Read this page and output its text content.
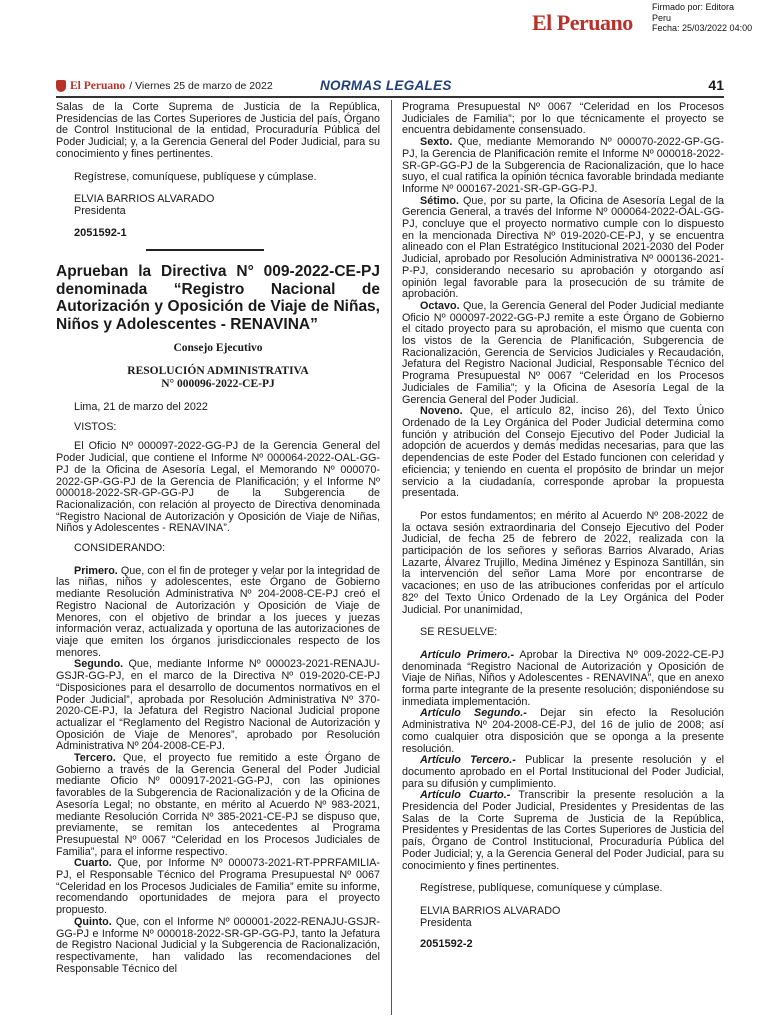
El Peruano
Firmado por: Editora
Peru
Fecha: 25/03/2022 04:00
El Peruano / Viernes 25 de marzo de 2022	NORMAS LEGALES	41

Salas de la Corte Suprema de Justicia de la República, Presidencias de las Cortes Superiores de Justicia del país, Órgano de Control Institucional de la entidad, Procuraduría Pública del Poder Judicial; y, a la Gerencia General del Poder Judicial, para su conocimiento y fines pertinentes.

Regístrese, comuníquese, publíquese y cúmplase.

ELVIA BARRIOS ALVARADO

Presidenta

2051592-1

Aprueban la Directiva N° 009-2022-CE-PJ denominada “Registro Nacional de Autorización y Oposición de Viaje de Niñas, Niños y Adolescentes - RENAVINA”

Consejo Ejecutivo

RESOLUCIÓN ADMINISTRATIVA
N° 000096-2022-CE-PJ

Lima, 21 de marzo del 2022

VISTOS:

El Oficio Nº 000097-2022-GG-PJ de la Gerencia General del Poder Judicial, que contiene el Informe Nº 000064-2022-OAL-GG-PJ de la Oficina de Asesoría Legal, el Memorando Nº 000070-2022-GP-GG-PJ de la Gerencia de Planificación; y el Informe Nº 000018-2022-SR-GP-GG-PJ de la Subgerencia de Racionalización, con relación al proyecto de Directiva denominada “Registro Nacional de Autorización y Oposición de Viaje de Niñas, Niños y Adolescentes - RENAVINA”.

CONSIDERANDO:

Primero. Que, con el fin de proteger y velar por la integridad de las niñas, niños y adolescentes, este Órgano de Gobierno mediante Resolución Administrativa Nº 204-2008-CE-PJ creó el Registro Nacional de Autorización y Oposición de Viaje de Menores, con el objetivo de brindar a los jueces y juezas información veraz, actualizada y oportuna de las autorizaciones de viaje que emiten los órganos jurisdiccionales respecto de los menores.

Segundo. Que, mediante Informe Nº 000023-2021-RENAJU-GSJR-GG-PJ, en el marco de la Directiva Nº 019-2020-CE-PJ “Disposiciones para el desarrollo de documentos normativos en el Poder Judicial”, aprobada por Resolución Administrativa Nº 370-2020-CE-PJ, la Jefatura del Registro Nacional Judicial propone actualizar el “Reglamento del Registro Nacional de Autorización y Oposición de Viaje de Menores”, aprobado por Resolución Administrativa Nº 204-2008-CE-PJ.

Tercero. Que, el proyecto fue remitido a este Órgano de Gobierno a través de la Gerencia General del Poder Judicial mediante Oficio Nº 000917-2021-GG-PJ, con las opiniones favorables de la Subgerencia de Racionalización y de la Oficina de Asesoría Legal; no obstante, en mérito al Acuerdo Nº 983-2021, mediante Resolución Corrida Nº 385-2021-CE-PJ se dispuso que, previamente, se remitan los antecedentes al Programa Presupuestal Nº 0067 “Celeridad en los Procesos Judiciales de Familia”, para el informe respectivo.

Cuarto. Que, por Informe Nº 000073-2021-RT-PPRFAMILIA-PJ, el Responsable Técnico del Programa Presupuestal Nº 0067 “Celeridad en los Procesos Judiciales de Familia” emite su informe, recomendando oportunidades de mejora para el proyecto propuesto.

Quinto. Que, con el Informe Nº 000001-2022-RENAJU-GSJR-GG-PJ e Informe Nº 000018-2022-SR-GP-GG-PJ, tanto la Jefatura de Registro Nacional Judicial y la Subgerencia de Racionalización, respectivamente, han validado las recomendaciones del Responsable Técnico del

Programa Presupuestal Nº 0067 “Celeridad en los Procesos Judiciales de Familia”; por lo que técnicamente el proyecto se encuentra debidamente consensuado.

Sexto. Que, mediante Memorando Nº 000070-2022-GP-GG-PJ, la Gerencia de Planificación remite el Informe Nº 000018-2022-SR-GP-GG-PJ de la Subgerencia de Racionalización, que lo hace suyo, el cual ratifica la opinión técnica favorable brindada mediante Informe Nº 000167-2021-SR-GP-GG-PJ.

Sétimo. Que, por su parte, la Oficina de Asesoría Legal de la Gerencia General, a través del Informe Nº 000064-2022-OAL-GG-PJ, concluye que el proyecto normativo cumple con lo dispuesto en la mencionada Directiva Nº 019-2020-CE-PJ, y se encuentra alineado con el Plan Estratégico Institucional 2021-2030 del Poder Judicial, aprobado por Resolución Administrativa Nº 000136-2021-P-PJ, considerando necesario su aprobación y otorgando así opinión legal favorable para la prosecución de su trámite de aprobación.

Octavo. Que, la Gerencia General del Poder Judicial mediante Oficio Nº 000097-2022-GG-PJ remite a este Órgano de Gobierno el citado proyecto para su aprobación, el mismo que cuenta con los vistos de la Gerencia de Planificación, Subgerencia de Racionalización, Gerencia de Servicios Judiciales y Recaudación, Jefatura del Registro Nacional Judicial, Responsable Técnico del Programa Presupuestal Nº 0067 “Celeridad en los Procesos Judiciales de Familia”; y la Oficina de Asesoría Legal de la Gerencia General del Poder Judicial.

Noveno. Que, el artículo 82, inciso 26), del Texto Único Ordenado de la Ley Orgánica del Poder Judicial determina como función y atribución del Consejo Ejecutivo del Poder Judicial la adopción de acuerdos y demás medidas necesarias, para que las dependencias de este Poder del Estado funcionen con celeridad y eficiencia; y teniendo en cuenta el propósito de brindar un mejor servicio a la ciudadanía, corresponde aprobar la propuesta presentada.

Por estos fundamentos; en mérito al Acuerdo Nº 208-2022 de la octava sesión extraordinaria del Consejo Ejecutivo del Poder Judicial, de fecha 25 de febrero de 2022, realizada con la participación de los señores y señoras Barrios Alvarado, Arias Lazarte, Álvarez Trujillo, Medina Jiménez y Espinoza Santillán, sin la intervención del señor Lama More por encontrarse de vacaciones; en uso de las atribuciones conferidas por el artículo 82º del Texto Único Ordenado de la Ley Orgánica del Poder Judicial. Por unanimidad,

SE RESUELVE:

Artículo Primero.- Aprobar la Directiva Nº 009-2022-CE-PJ denominada “Registro Nacional de Autorización y Oposición de Viaje de Niñas, Niños y Adolescentes - RENAVINA”, que en anexo forma parte integrante de la presente resolución; disponiéndose su inmediata implementación.

Artículo Segundo.- Dejar sin efecto la Resolución Administrativa Nº 204-2008-CE-PJ, del 16 de julio de 2008; así como cualquier otra disposición que se oponga a la presente resolución.

Artículo Tercero.- Publicar la presente resolución y el documento aprobado en el Portal Institucional del Poder Judicial, para su difusión y cumplimiento.

Artículo Cuarto.- Transcribir la presente resolución a la Presidencia del Poder Judicial, Presidentes y Presidentas de las Salas de la Corte Suprema de Justicia de la República, Presidentes y Presidentas de las Cortes Superiores de Justicia del país, Órgano de Control Institucional, Procuraduría Pública del Poder Judicial; y, a la Gerencia General del Poder Judicial, para su conocimiento y fines pertinentes.

Regístrese, publíquese, comuníquese y cúmplase.

ELVIA BARRIOS ALVARADO

Presidenta

2051592-2
